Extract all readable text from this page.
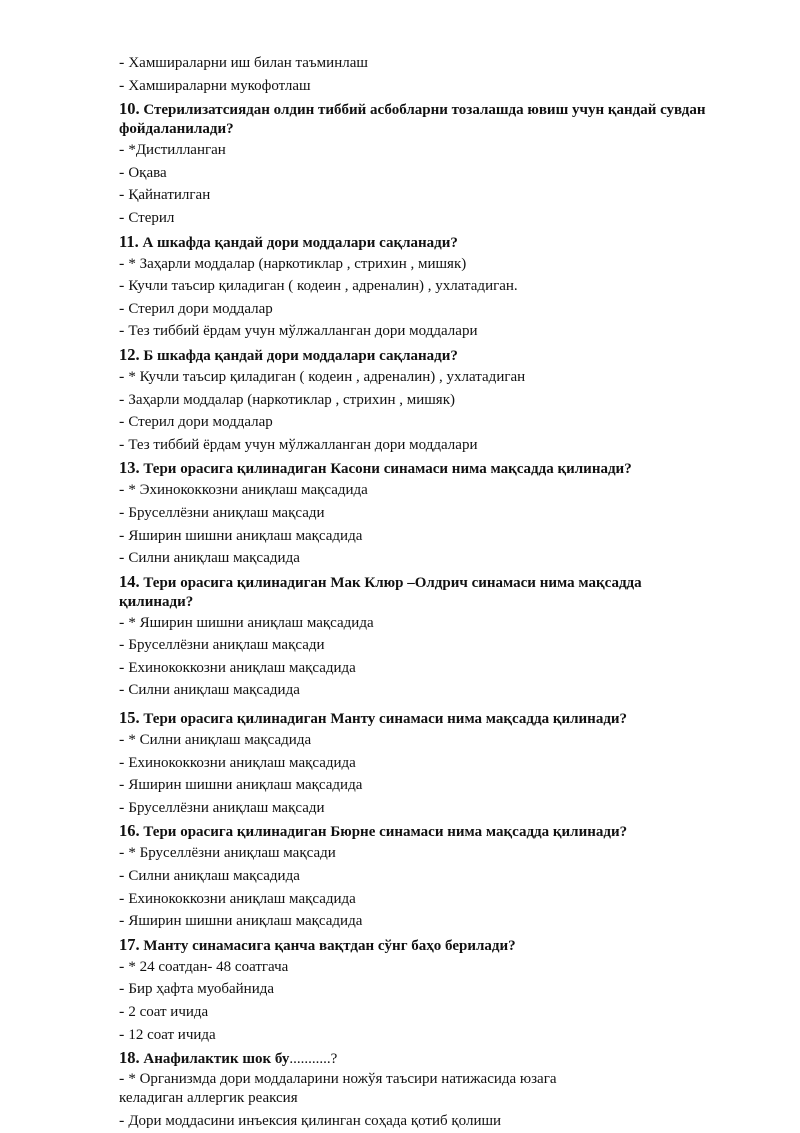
- Хамшираларни иш билан таъминлаш
- Хамшираларни мукофотлаш
10. Стерилизатсиядан олдин тиббий асбобларни тозалашда ювиш учун қандай сувдан фойдаланилади?
- *Дистилланган
- Оқава
- Қайнатилган
- Стерил
11. А шкафда қандай дори моддалари сақланади?
- * Заҳарли моддалар (наркотиклар , стрихин , мишяк)
- Кучли таъсир қиладиган ( кодеин , адреналин) , ухлатадиган.
- Стерил дори моддалар
- Тез тиббий ёрдам учун мўлжалланган дори моддалари
12. Б шкафда қандай дори моддалари сақланади?
- * Кучли таъсир қиладиган ( кодеин , адреналин) , ухлатадиган
- Заҳарли моддалар (наркотиклар , стрихин , мишяк)
- Стерил дори моддалар
- Тез тиббий ёрдам учун мўлжалланган дори моддалари
13. Тери орасига қилинадиган Касони синамаси нима мақсадда қилинади?
- * Эхинококкозни аниқлаш мақсадида
- Бруселлёзни аниқлаш мақсади
- Яширин шишни аниқлаш мақсадида
- Силни аниқлаш мақсадида
14. Тери орасига қилинадиган Мак Клюр –Олдрич синамаси нима мақсадда қилинади?
- * Яширин шишни аниқлаш мақсадида
- Бруселлёзни аниқлаш мақсади
- Ехинококкозни аниқлаш мақсадида
- Силни аниқлаш мақсадида
15. Тери орасига қилинадиган Манту синамаси нима мақсадда қилинади?
- * Силни аниқлаш мақсадида
- Ехинококкозни аниқлаш мақсадида
- Яширин шишни аниқлаш мақсадида
- Бруселлёзни аниқлаш мақсади
16. Тери орасига қилинадиган Бюрне синамаси нима мақсадда қилинади?
- * Бруселлёзни аниқлаш мақсади
- Силни аниқлаш мақсадида
- Ехинококкозни аниқлаш мақсадида
- Яширин шишни аниқлаш мақсадида
17. Манту синамасига қанча вақтдан сўнг баҳо берилади?
- * 24 соатдан- 48 соатгача
- Бир ҳафта муобайнида
- 2 соат ичида
- 12 соат ичида
18. Анафилактик шок бу...........?
- * Организмда дори моддаларини ножўя таъсири натижасида юзага келадиган аллергик реаксия
- Дори моддасини инъексия қилинган соҳада қотиб қолиши
